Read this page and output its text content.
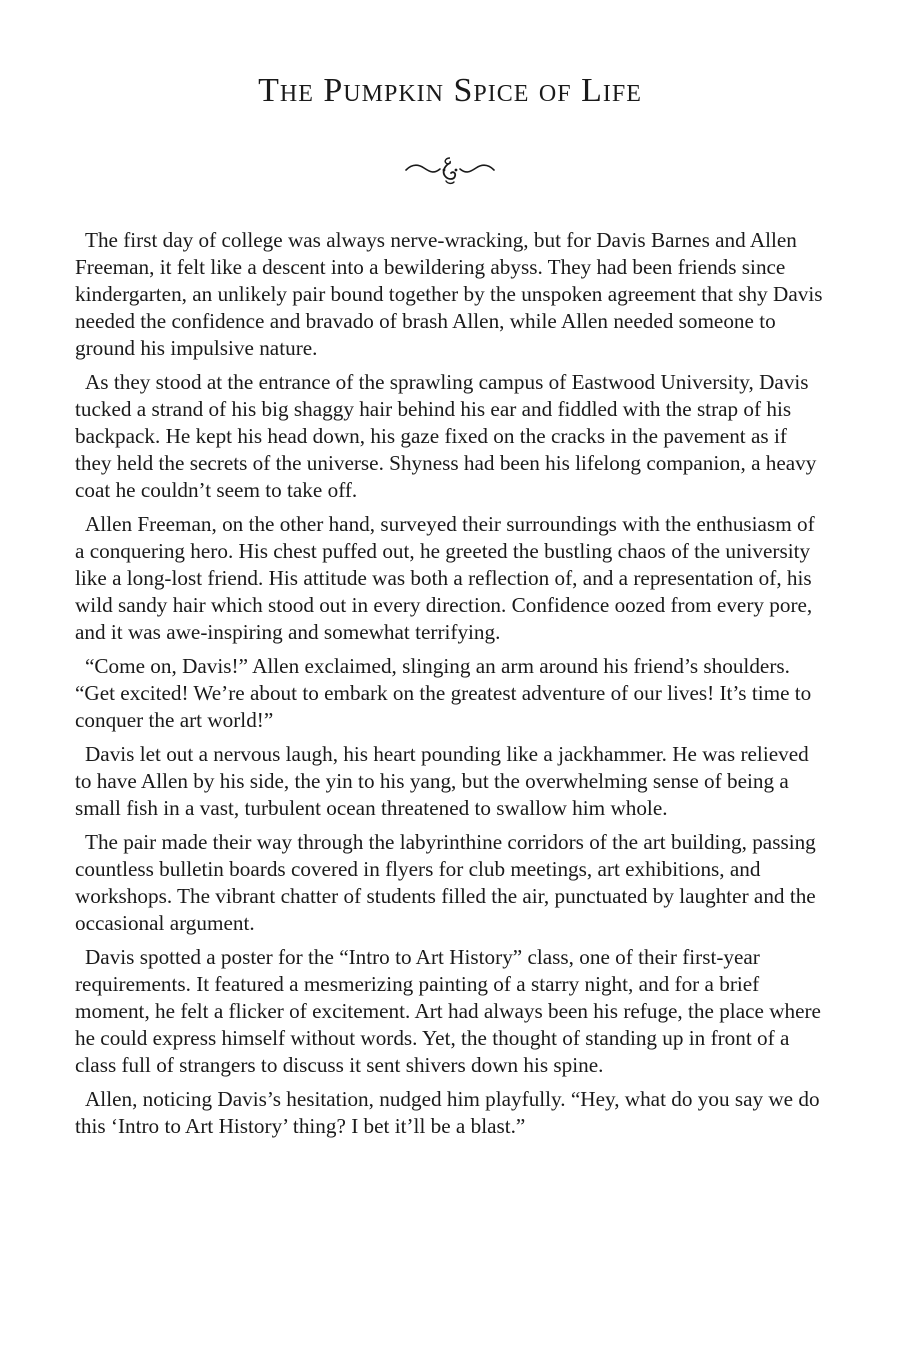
The Pumpkin Spice of Life

The first day of college was always nerve-wracking, but for Davis Barnes and Allen Freeman, it felt like a descent into a bewildering abyss. They had been friends since kindergarten, an unlikely pair bound together by the unspoken agreement that shy Davis needed the confidence and bravado of brash Allen, while Allen needed someone to ground his impulsive nature.

As they stood at the entrance of the sprawling campus of Eastwood University, Davis tucked a strand of his big shaggy hair behind his ear and fiddled with the strap of his backpack. He kept his head down, his gaze fixed on the cracks in the pavement as if they held the secrets of the universe. Shyness had been his lifelong companion, a heavy coat he couldn’t seem to take off.

Allen Freeman, on the other hand, surveyed their surroundings with the enthusiasm of a conquering hero. His chest puffed out, he greeted the bustling chaos of the university like a long-lost friend. His attitude was both a reflection of, and a representation of, his wild sandy hair which stood out in every direction. Confidence oozed from every pore, and it was awe-inspiring and somewhat terrifying.

“Come on, Davis!” Allen exclaimed, slinging an arm around his friend’s shoulders. “Get excited! We’re about to embark on the greatest adventure of our lives! It’s time to conquer the art world!”

Davis let out a nervous laugh, his heart pounding like a jackhammer. He was relieved to have Allen by his side, the yin to his yang, but the overwhelming sense of being a small fish in a vast, turbulent ocean threatened to swallow him whole.

The pair made their way through the labyrinthine corridors of the art building, passing countless bulletin boards covered in flyers for club meetings, art exhibitions, and workshops. The vibrant chatter of students filled the air, punctuated by laughter and the occasional argument.

Davis spotted a poster for the “Intro to Art History” class, one of their first-year requirements. It featured a mesmerizing painting of a starry night, and for a brief moment, he felt a flicker of excitement. Art had always been his refuge, the place where he could express himself without words. Yet, the thought of standing up in front of a class full of strangers to discuss it sent shivers down his spine.

Allen, noticing Davis’s hesitation, nudged him playfully. “Hey, what do you say we do this ‘Intro to Art History’ thing? I bet it’ll be a blast.”
